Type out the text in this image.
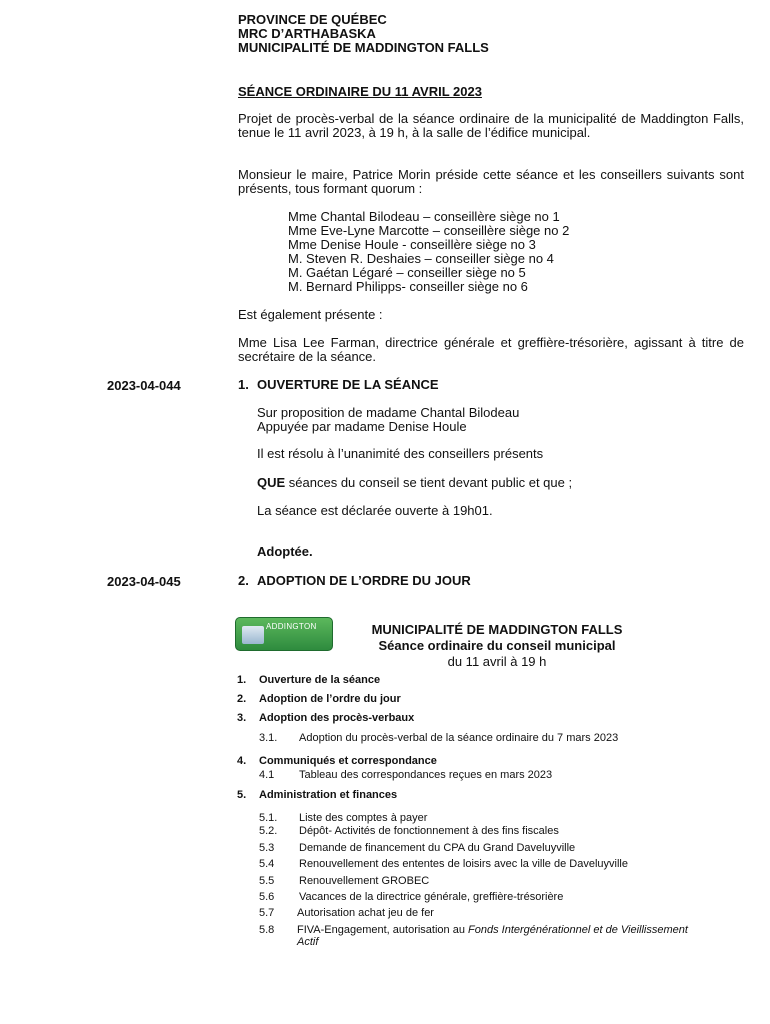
PROVINCE DE QUÉBEC
MRC D’ARTHABASKA
MUNICIPALITÉ DE MADDINGTON FALLS
SÉANCE ORDINAIRE DU 11 AVRIL 2023
Projet de procès-verbal de la séance ordinaire de la municipalité de Maddington Falls, tenue le 11 avril 2023, à 19 h, à la salle de l’édifice municipal.
Monsieur le maire, Patrice Morin préside cette séance et les conseillers suivants sont présents, tous formant quorum :
Mme Chantal Bilodeau – conseillère siège no 1
Mme Eve-Lyne Marcotte – conseillère siège no 2
Mme Denise Houle - conseillère siège no 3
M. Steven R. Deshaies – conseiller siège no 4
M. Gaétan Légaré – conseiller siège no 5
M. Bernard Philipps- conseiller siège no 6
Est également présente :
Mme Lisa Lee Farman, directrice générale et greffière-trésorière, agissant à titre de secrétaire de la séance.
2023-04-044	1. OUVERTURE DE LA SÉANCE
Sur proposition de madame Chantal Bilodeau
Appuyée par madame Denise Houle
Il est résolu à l’unanimité des conseillers présents
QUE séances du conseil se tient devant public et que ;
La séance est déclarée ouverte à 19h01.
Adoptée.
2023-04-045	2. ADOPTION DE L’ORDRE DU JOUR
ADDINGTON	MUNICIPALITÉ DE MADDINGTON FALLS
Séance ordinaire du conseil municipal
du 11 avril à 19 h
1. Ouverture de la séance
2. Adoption de l’ordre du jour
3. Adoption des procès-verbaux
3.1. Adoption du procès-verbal de la séance ordinaire du 7 mars 2023
4. Communiqués et correspondance
4.1 Tableau des correspondances reçues en mars 2023
5. Administration et finances
5.1. Liste des comptes à payer
5.2. Dépôt- Activités de fonctionnement à des fins fiscales
5.3 Demande de financement du CPA du Grand Daveluyville
5.4 Renouvellement des ententes de loisirs avec la ville de Daveluyville
5.5 Renouvellement GROBEC
5.6 Vacances de la directrice générale, greffière-trésorière
5.7 Autorisation achat jeu de fer
5.8 FIVA-Engagement, autorisation au Fonds Intergénérationnel et de Vieillissement
Actif
